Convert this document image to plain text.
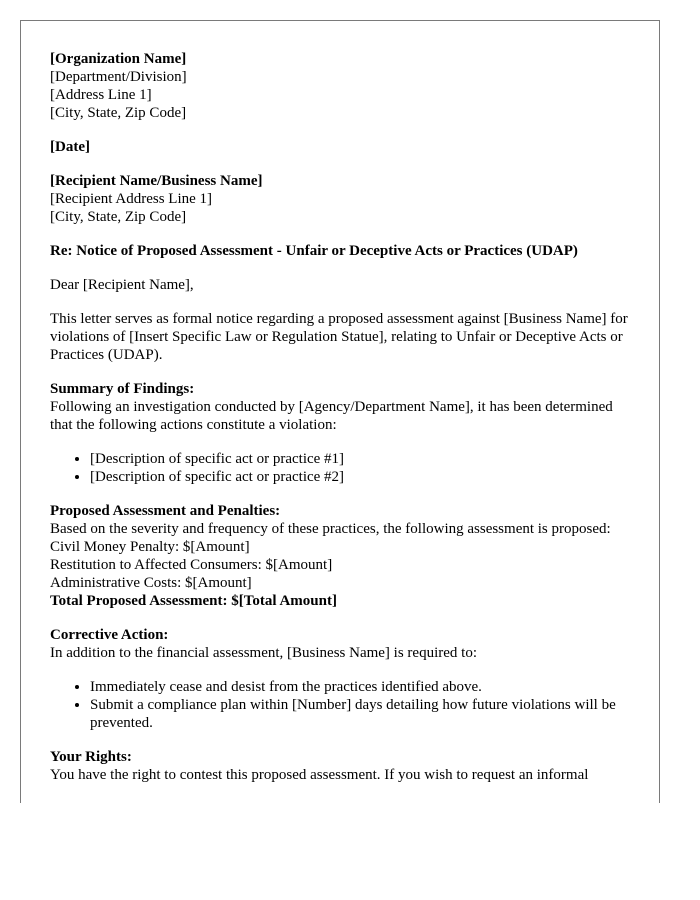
[Organization Name]
[Department/Division]
[Address Line 1]
[City, State, Zip Code]
[Date]
[Recipient Name/Business Name]
[Recipient Address Line 1]
[City, State, Zip Code]

Re: Notice of Proposed Assessment - Unfair or Deceptive Acts or Practices (UDAP)

Dear [Recipient Name],

This letter serves as formal notice regarding a proposed assessment against [Business Name] for violations of [Insert Specific Law or Regulation Statue], relating to Unfair or Deceptive Acts or Practices (UDAP).

Summary of Findings:

Following an investigation conducted by [Agency/Department Name], it has been determined that the following actions constitute a violation:

• [Description of specific act or practice #1]
• [Description of specific act or practice #2]
Proposed Assessment and Penalties:
Based on the severity and frequency of these practices, the following assessment is proposed:
Civil Money Penalty: $[Amount]
Restitution to Affected Consumers: $[Amount]
Administrative Costs: $[Amount]
Total Proposed Assessment: $[Total Amount]
Corrective Action:

In addition to the financial assessment, [Business Name] is required to:

• Immediately cease and desist from the practices identified above.
• Submit a compliance plan within [Number] days detailing how future violations will be prevented.
Your Rights:
You have the right to contest this proposed assessment. If you wish to request an informal
